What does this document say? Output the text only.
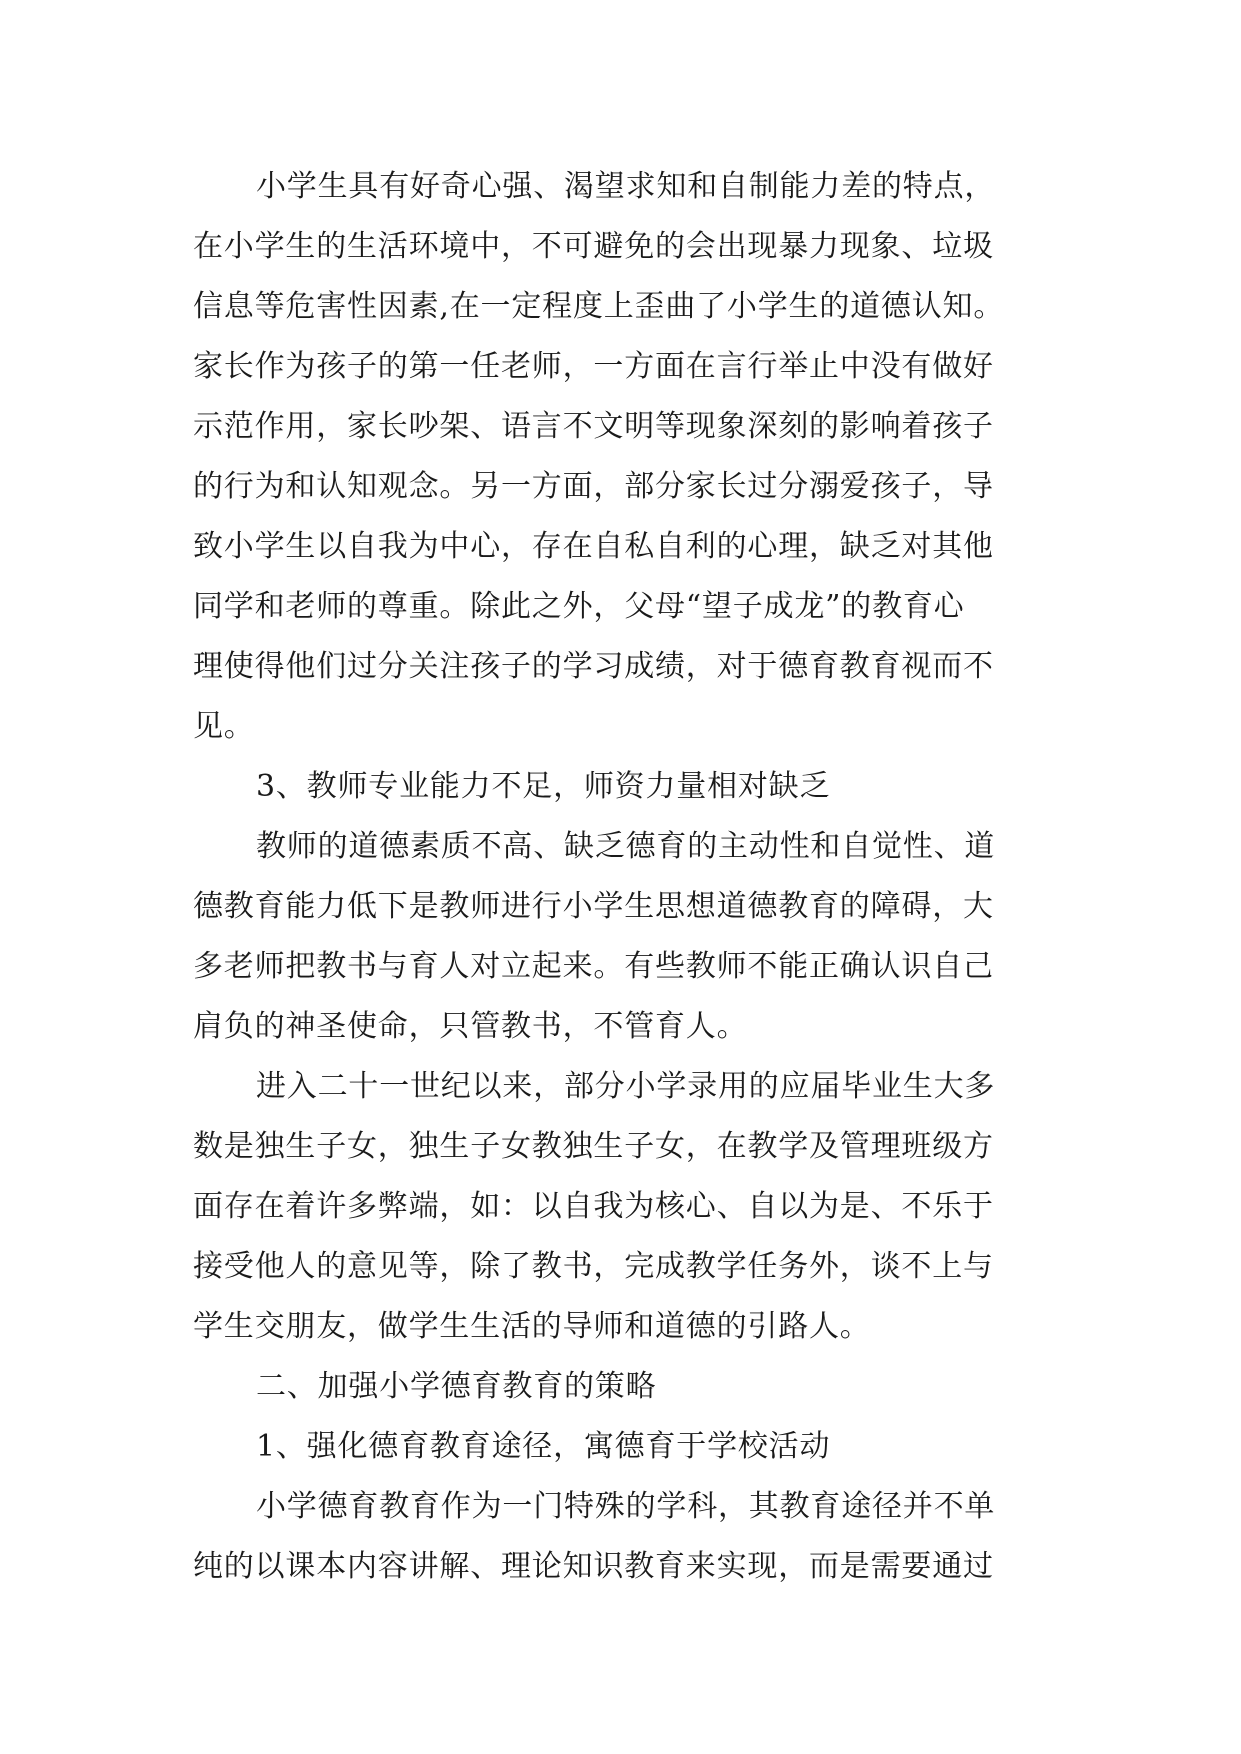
小学生具有好奇心强、渴望求知和自制能力差的特点，
在小学生的生活环境中，不可避免的会出现暴力现象、垃圾
信息等危害性因素,在一定程度上歪曲了小学生的道德认知。
家长作为孩子的第一任老师，一方面在言行举止中没有做好
示范作用，家长吵架、语言不文明等现象深刻的影响着孩子
的行为和认知观念。另一方面，部分家长过分溺爱孩子，导
致小学生以自我为中心，存在自私自利的心理，缺乏对其他
同学和老师的尊重。除此之外，父母“望子成龙”的教育心
理使得他们过分关注孩子的学习成绩，对于德育教育视而不
见。
3、教师专业能力不足，师资力量相对缺乏
教师的道德素质不高、缺乏德育的主动性和自觉性、道
德教育能力低下是教师进行小学生思想道德教育的障碍，大
多老师把教书与育人对立起来。有些教师不能正确认识自己
肩负的神圣使命，只管教书，不管育人。
进入二十一世纪以来，部分小学录用的应届毕业生大多
数是独生子女，独生子女教独生子女，在教学及管理班级方
面存在着许多弊端，如：以自我为核心、自以为是、不乐于
接受他人的意见等，除了教书，完成教学任务外，谈不上与
学生交朋友，做学生生活的导师和道德的引路人。
二、加强小学德育教育的策略
1、强化德育教育途径，寓德育于学校活动
小学德育教育作为一门特殊的学科，其教育途径并不单
纯的以课本内容讲解、理论知识教育来实现，而是需要通过
